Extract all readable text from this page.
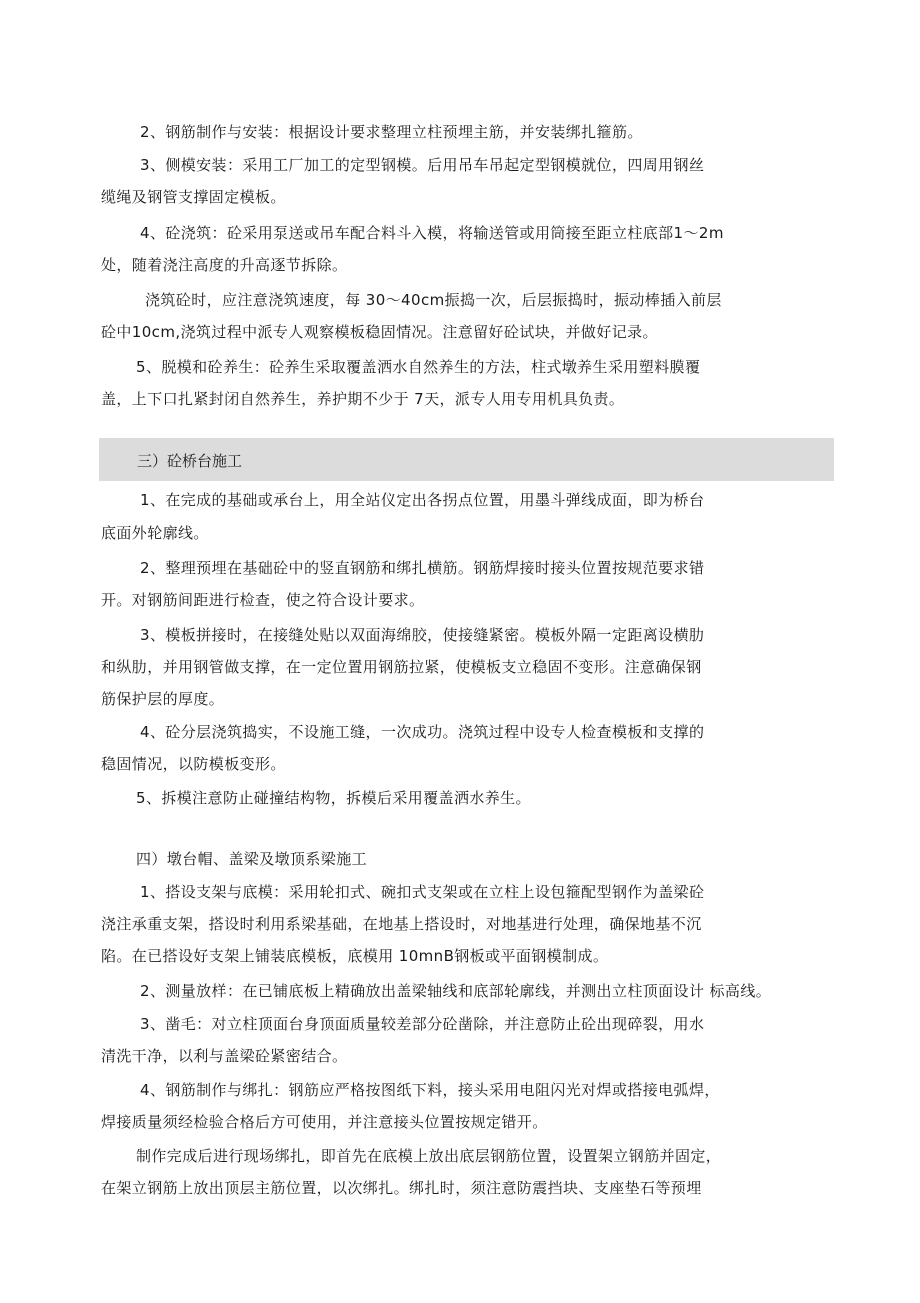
2、钢筋制作与安装：根据设计要求整理立柱预埋主筋，并安装绑扎箍筋。
3、侧模安装：采用工厂加工的定型钢模。后用吊车吊起定型钢模就位，四周用钢丝
缆绳及钢管支撑固定模板。
4、砼浇筑：砼采用泵送或吊车配合料斗入模，将输送管或用筒接至距立柱底部1～2m
处，随着浇注高度的升高逐节拆除。
浇筑砼时，应注意浇筑速度，每 30～40cm振捣一次，后层振捣时，振动棒插入前层
砼中10cm,浇筑过程中派专人观察模板稳固情况。注意留好砼试块，并做好记录。
5、脱模和砼养生：砼养生采取覆盖洒水自然养生的方法，柱式墩养生采用塑料膜覆
盖，上下口扎紧封闭自然养生，养护期不少于 7天，派专人用专用机具负责。
三）砼桥台施工
1、在完成的基础或承台上，用全站仪定出各拐点位置，用墨斗弹线成面，即为桥台
底面外轮廓线。
2、整理预埋在基础砼中的竖直钢筋和绑扎横筋。钢筋焊接时接头位置按规范要求错
开。对钢筋间距进行检查，使之符合设计要求。
3、模板拼接时，在接缝处贴以双面海绵胶，使接缝紧密。模板外隔一定距离设横肋
和纵肋，并用钢管做支撑，在一定位置用钢筋拉紧，使模板支立稳固不变形。注意确保钢
筋保护层的厚度。
4、砼分层浇筑捣实，不设施工缝，一次成功。浇筑过程中设专人检查模板和支撑的
稳固情况，以防模板变形。
5、拆模注意防止碰撞结构物，拆模后采用覆盖洒水养生。
四）墩台帽、盖梁及墩顶系梁施工
1、搭设支架与底模：采用轮扣式、碗扣式支架或在立柱上设包箍配型钢作为盖梁砼
浇注承重支架，搭设时利用系梁基础，在地基上搭设时，对地基进行处理，确保地基不沉
陷。在已搭设好支架上铺装底模板，底模用 10mnB钢板或平面钢模制成。
2、测量放样：在已铺底板上精确放出盖梁轴线和底部轮廓线，并测出立柱顶面设计 标高线。
3、凿毛：对立柱顶面台身顶面质量较差部分砼凿除，并注意防止砼出现碎裂，用水
清洗干净，以利与盖梁砼紧密结合。
4、钢筋制作与绑扎：钢筋应严格按图纸下料，接头采用电阻闪光对焊或搭接电弧焊，
焊接质量须经检验合格后方可使用，并注意接头位置按规定错开。
制作完成后进行现场绑扎，即首先在底模上放出底层钢筋位置，设置架立钢筋并固定，
在架立钢筋上放出顶层主筋位置，以次绑扎。绑扎时，须注意防震挡块、支座垫石等预埋
